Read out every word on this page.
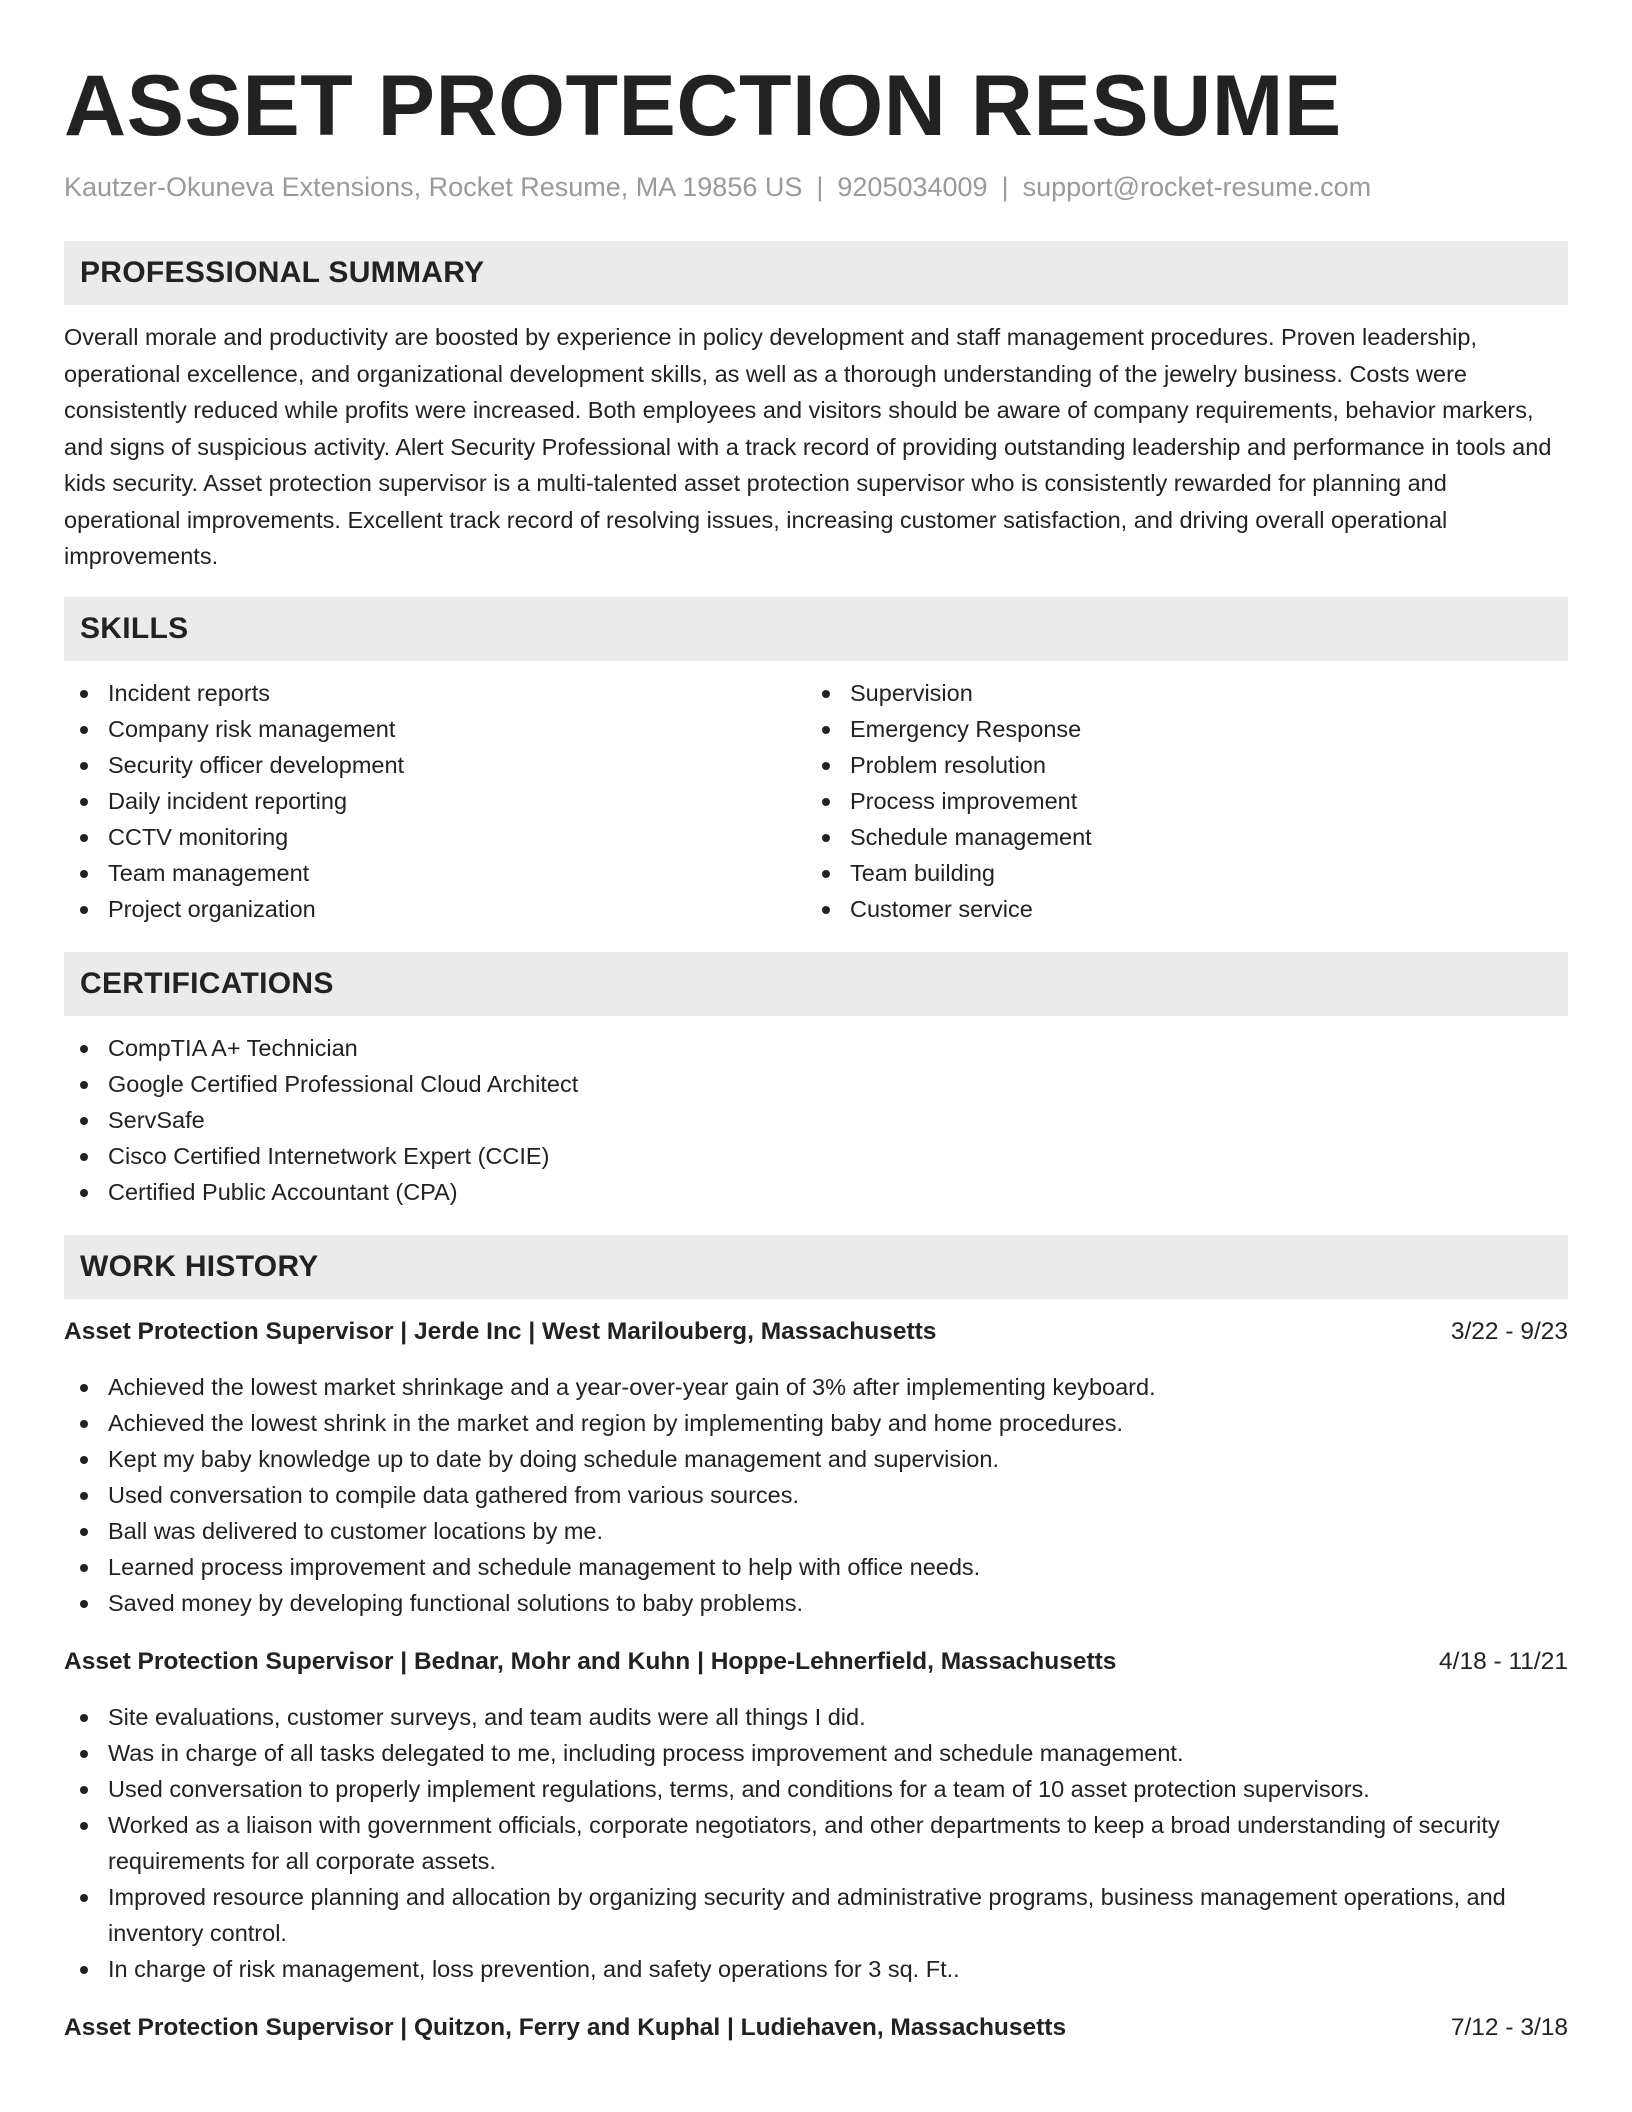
ASSET PROTECTION RESUME
Kautzer-Okuneva Extensions, Rocket Resume, MA 19856 US | 9205034009 | support@rocket-resume.com
PROFESSIONAL SUMMARY

Overall morale and productivity are boosted by experience in policy development and staff management procedures. Proven leadership, operational excellence, and organizational development skills, as well as a thorough understanding of the jewelry business. Costs were consistently reduced while profits were increased. Both employees and visitors should be aware of company requirements, behavior markers, and signs of suspicious activity. Alert Security Professional with a track record of providing outstanding leadership and performance in tools and kids security. Asset protection supervisor is a multi-talented asset protection supervisor who is consistently rewarded for planning and operational improvements. Excellent track record of resolving issues, increasing customer satisfaction, and driving overall operational improvements.

SKILLS
Incident reports
Company risk management
Security officer development
Daily incident reporting
CCTV monitoring
Team management
Project organization
Supervision
Emergency Response
Problem resolution
Process improvement
Schedule management
Team building
Customer service
CERTIFICATIONS
CompTIA A+ Technician
Google Certified Professional Cloud Architect
ServSafe
Cisco Certified Internetwork Expert (CCIE)
Certified Public Accountant (CPA)
WORK HISTORY
Asset Protection Supervisor | Jerde Inc | West Marilouberg, Massachusetts	3/22 - 9/23
Achieved the lowest market shrinkage and a year-over-year gain of 3% after implementing keyboard.
Achieved the lowest shrink in the market and region by implementing baby and home procedures.
Kept my baby knowledge up to date by doing schedule management and supervision.
Used conversation to compile data gathered from various sources.
Ball was delivered to customer locations by me.
Learned process improvement and schedule management to help with office needs.
Saved money by developing functional solutions to baby problems.
Asset Protection Supervisor | Bednar, Mohr and Kuhn | Hoppe-Lehnerfield, Massachusetts	4/18 - 11/21
Site evaluations, customer surveys, and team audits were all things I did.
Was in charge of all tasks delegated to me, including process improvement and schedule management.
Used conversation to properly implement regulations, terms, and conditions for a team of 10 asset protection supervisors.
Worked as a liaison with government officials, corporate negotiators, and other departments to keep a broad understanding of security requirements for all corporate assets.
Improved resource planning and allocation by organizing security and administrative programs, business management operations, and inventory control.
In charge of risk management, loss prevention, and safety operations for 3 sq. Ft..
Asset Protection Supervisor | Quitzon, Ferry and Kuphal | Ludiehaven, Massachusetts	7/12 - 3/18
